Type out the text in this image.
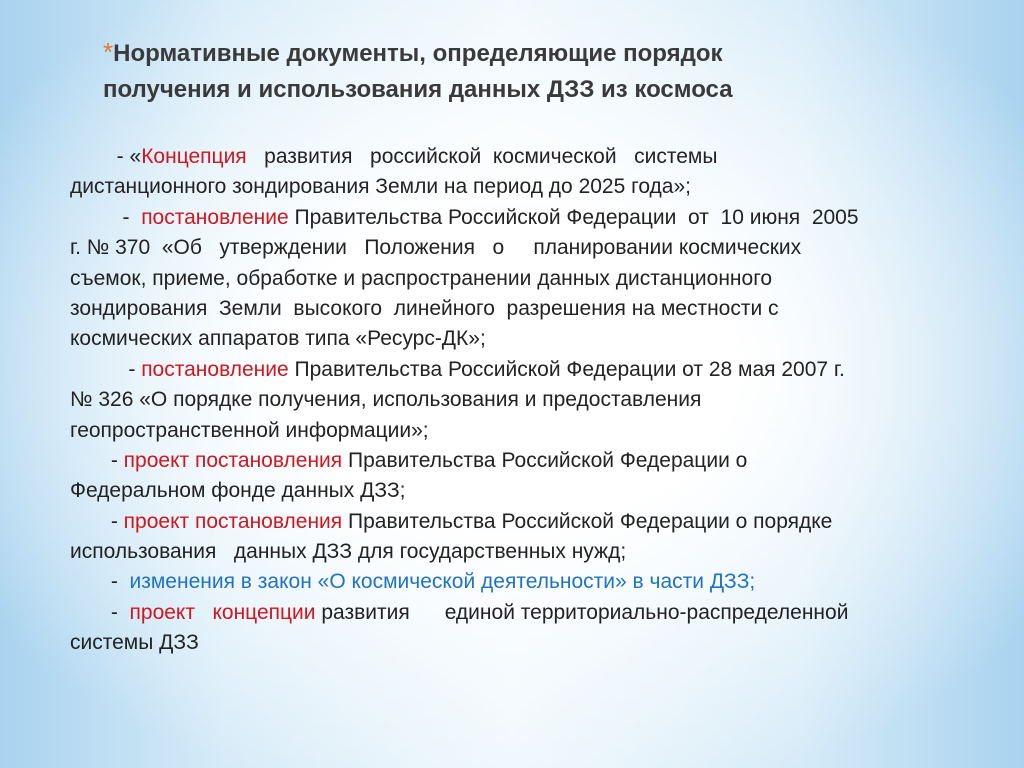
*Нормативные документы, определяющие порядок
получения и использования данных ДЗЗ из космоса
- «Концепция   развития   российской  космической   системы
дистанционного зондирования Земли на период до 2025 года»;
-  постановление Правительства Российской Федерации  от  10 июня  2005
г. № 370  «Об   утверждении   Положения   о     планировании космических
съемок, приеме, обработке и распространении данных дистанционного
зондирования  Земли  высокого  линейного  разрешения на местности с
космических аппаратов типа «Ресурс-ДК»;
- постановление Правительства Российской Федерации от 28 мая 2007 г.
№ 326 «О порядке получения, использования и предоставления
геопространственной информации»;
- проект постановления Правительства Российской Федерации о
Федеральном фонде данных ДЗЗ;
- проект постановления Правительства Российской Федерации о порядке
использования   данных ДЗЗ для государственных нужд;
-  изменения в закон «О космической деятельности» в части ДЗЗ;
-  проект   концепции развития      единой территориально-распределенной
системы ДЗЗ
